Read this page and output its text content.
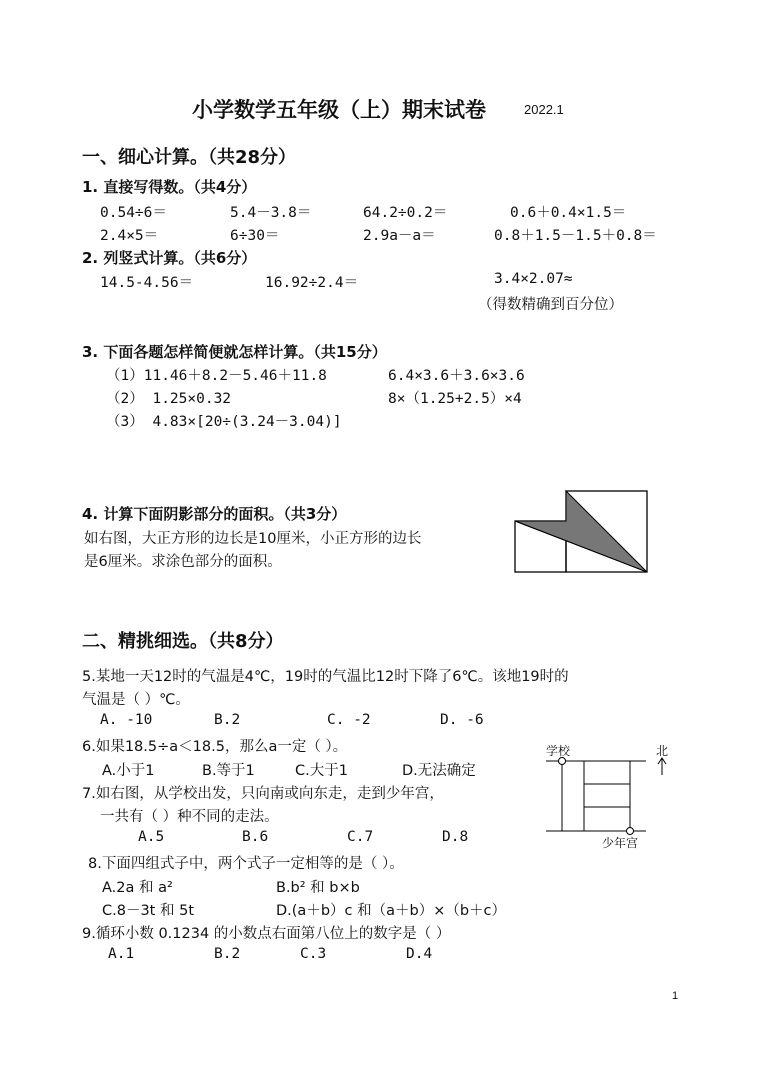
小学数学五年级（上）期末试卷	2022.1
一、细心计算。（共28分）
1. 直接写得数。（共4分）
0.54÷6＝	5.4－3.8＝	64.2÷0.2＝	0.6＋0.4×1.5＝
2.4×5＝	6÷30＝	2.9a－a＝	0.8＋1.5－1.5＋0.8＝
2. 列竖式计算。（共6分）
14.5-4.56＝	16.92÷2.4＝	3.4×2.07≈
（得数精确到百分位）
3. 下面各题怎样简便就怎样计算。（共15分）
（1）11.46＋8.2－5.46＋11.8	6.4×3.6＋3.6×3.6
（2） 1.25×0.32	8×（1.25+2.5）×4
（3） 4.83×[20÷(3.24－3.04)]
4. 计算下面阴影部分的面积。（共3分）
如右图，大正方形的边长是10厘米，小正方形的边长
是6厘米。求涂色部分的面积。
二、精挑细选。（共8分）
5.某地一天12时的气温是4℃，19时的气温比12时下降了6℃。该地19时的
气温是（ ）℃。
A. -10	B.2	C. -2	D. -6
6.如果18.5÷a＜18.5，那么a一定（ ）。
A.小于1	B.等于1	C.大于1	D.无法确定
7.如右图，从学校出发，只向南或向东走，走到少年宫，
一共有（ ）种不同的走法。
A.5	B.6	C.7	D.8
学校	北
少年宫
8.下面四组式子中，两个式子一定相等的是（ ）。
A.2a 和 a²	B.b² 和 b×b
C.8－3t 和 5t	D.(a＋b）c 和（a＋b）×（b＋c）
9.循环小数 0.1234 的小数点右面第八位上的数字是（ ）
A.1	B.2	C.3	D.4
1
